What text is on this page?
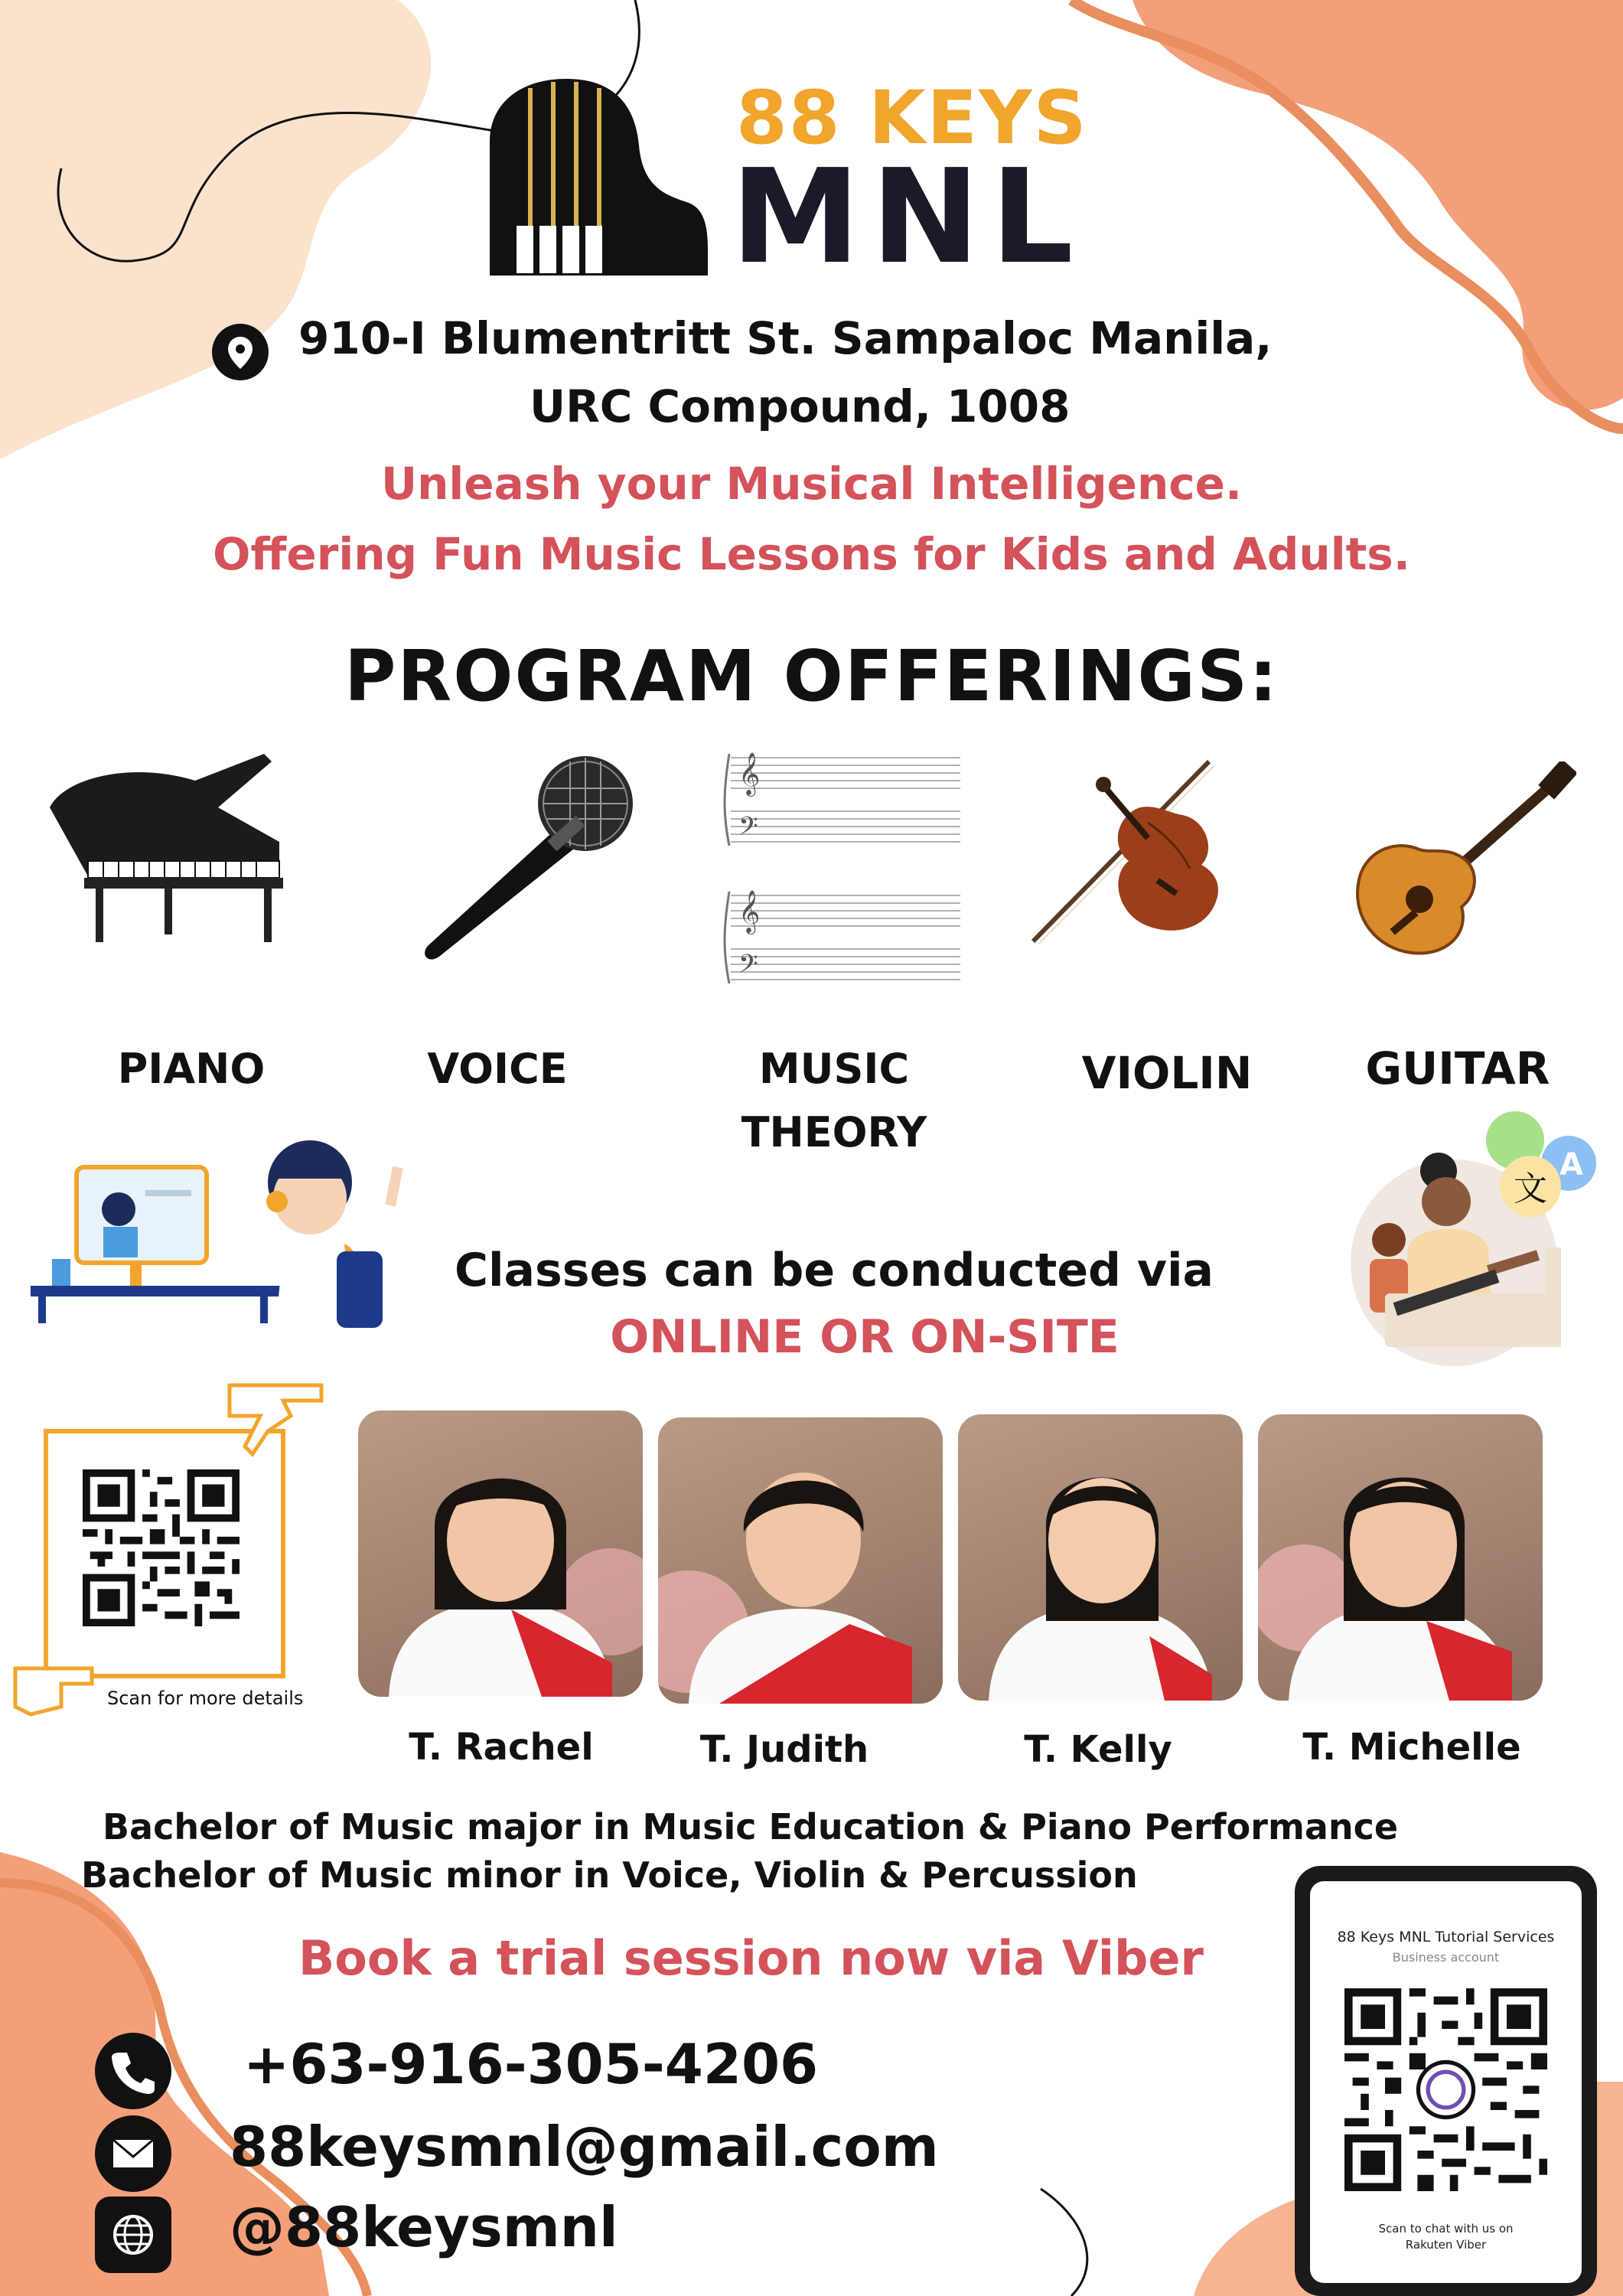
88 KEYS
MNL
910-I Blumentritt St. Sampaloc Manila,
URC Compound, 1008
Unleash your Musical Intelligence.
Offering Fun Music Lessons for Kids and Adults.
PROGRAM OFFERINGS:
𝄞
𝄢
𝄞
𝄢
PIANO	VOICE	MUSIC
THEORY
VIOLIN	GUITAR
Classes can be conducted via
ONLINE OR ON-SITE
A
文
Scan for more details
T. Rachel	T. Judith	T. Kelly	T. Michelle
Bachelor of Music major in Music Education & Piano Performance
Bachelor of Music minor in Voice, Violin & Percussion
Book a trial session now via Viber
+63-916-305-4206
88keysmnl@gmail.com
@88keysmnl
88 Keys MNL Tutorial Services
Business account
Scan to chat with us on
Rakuten Viber
